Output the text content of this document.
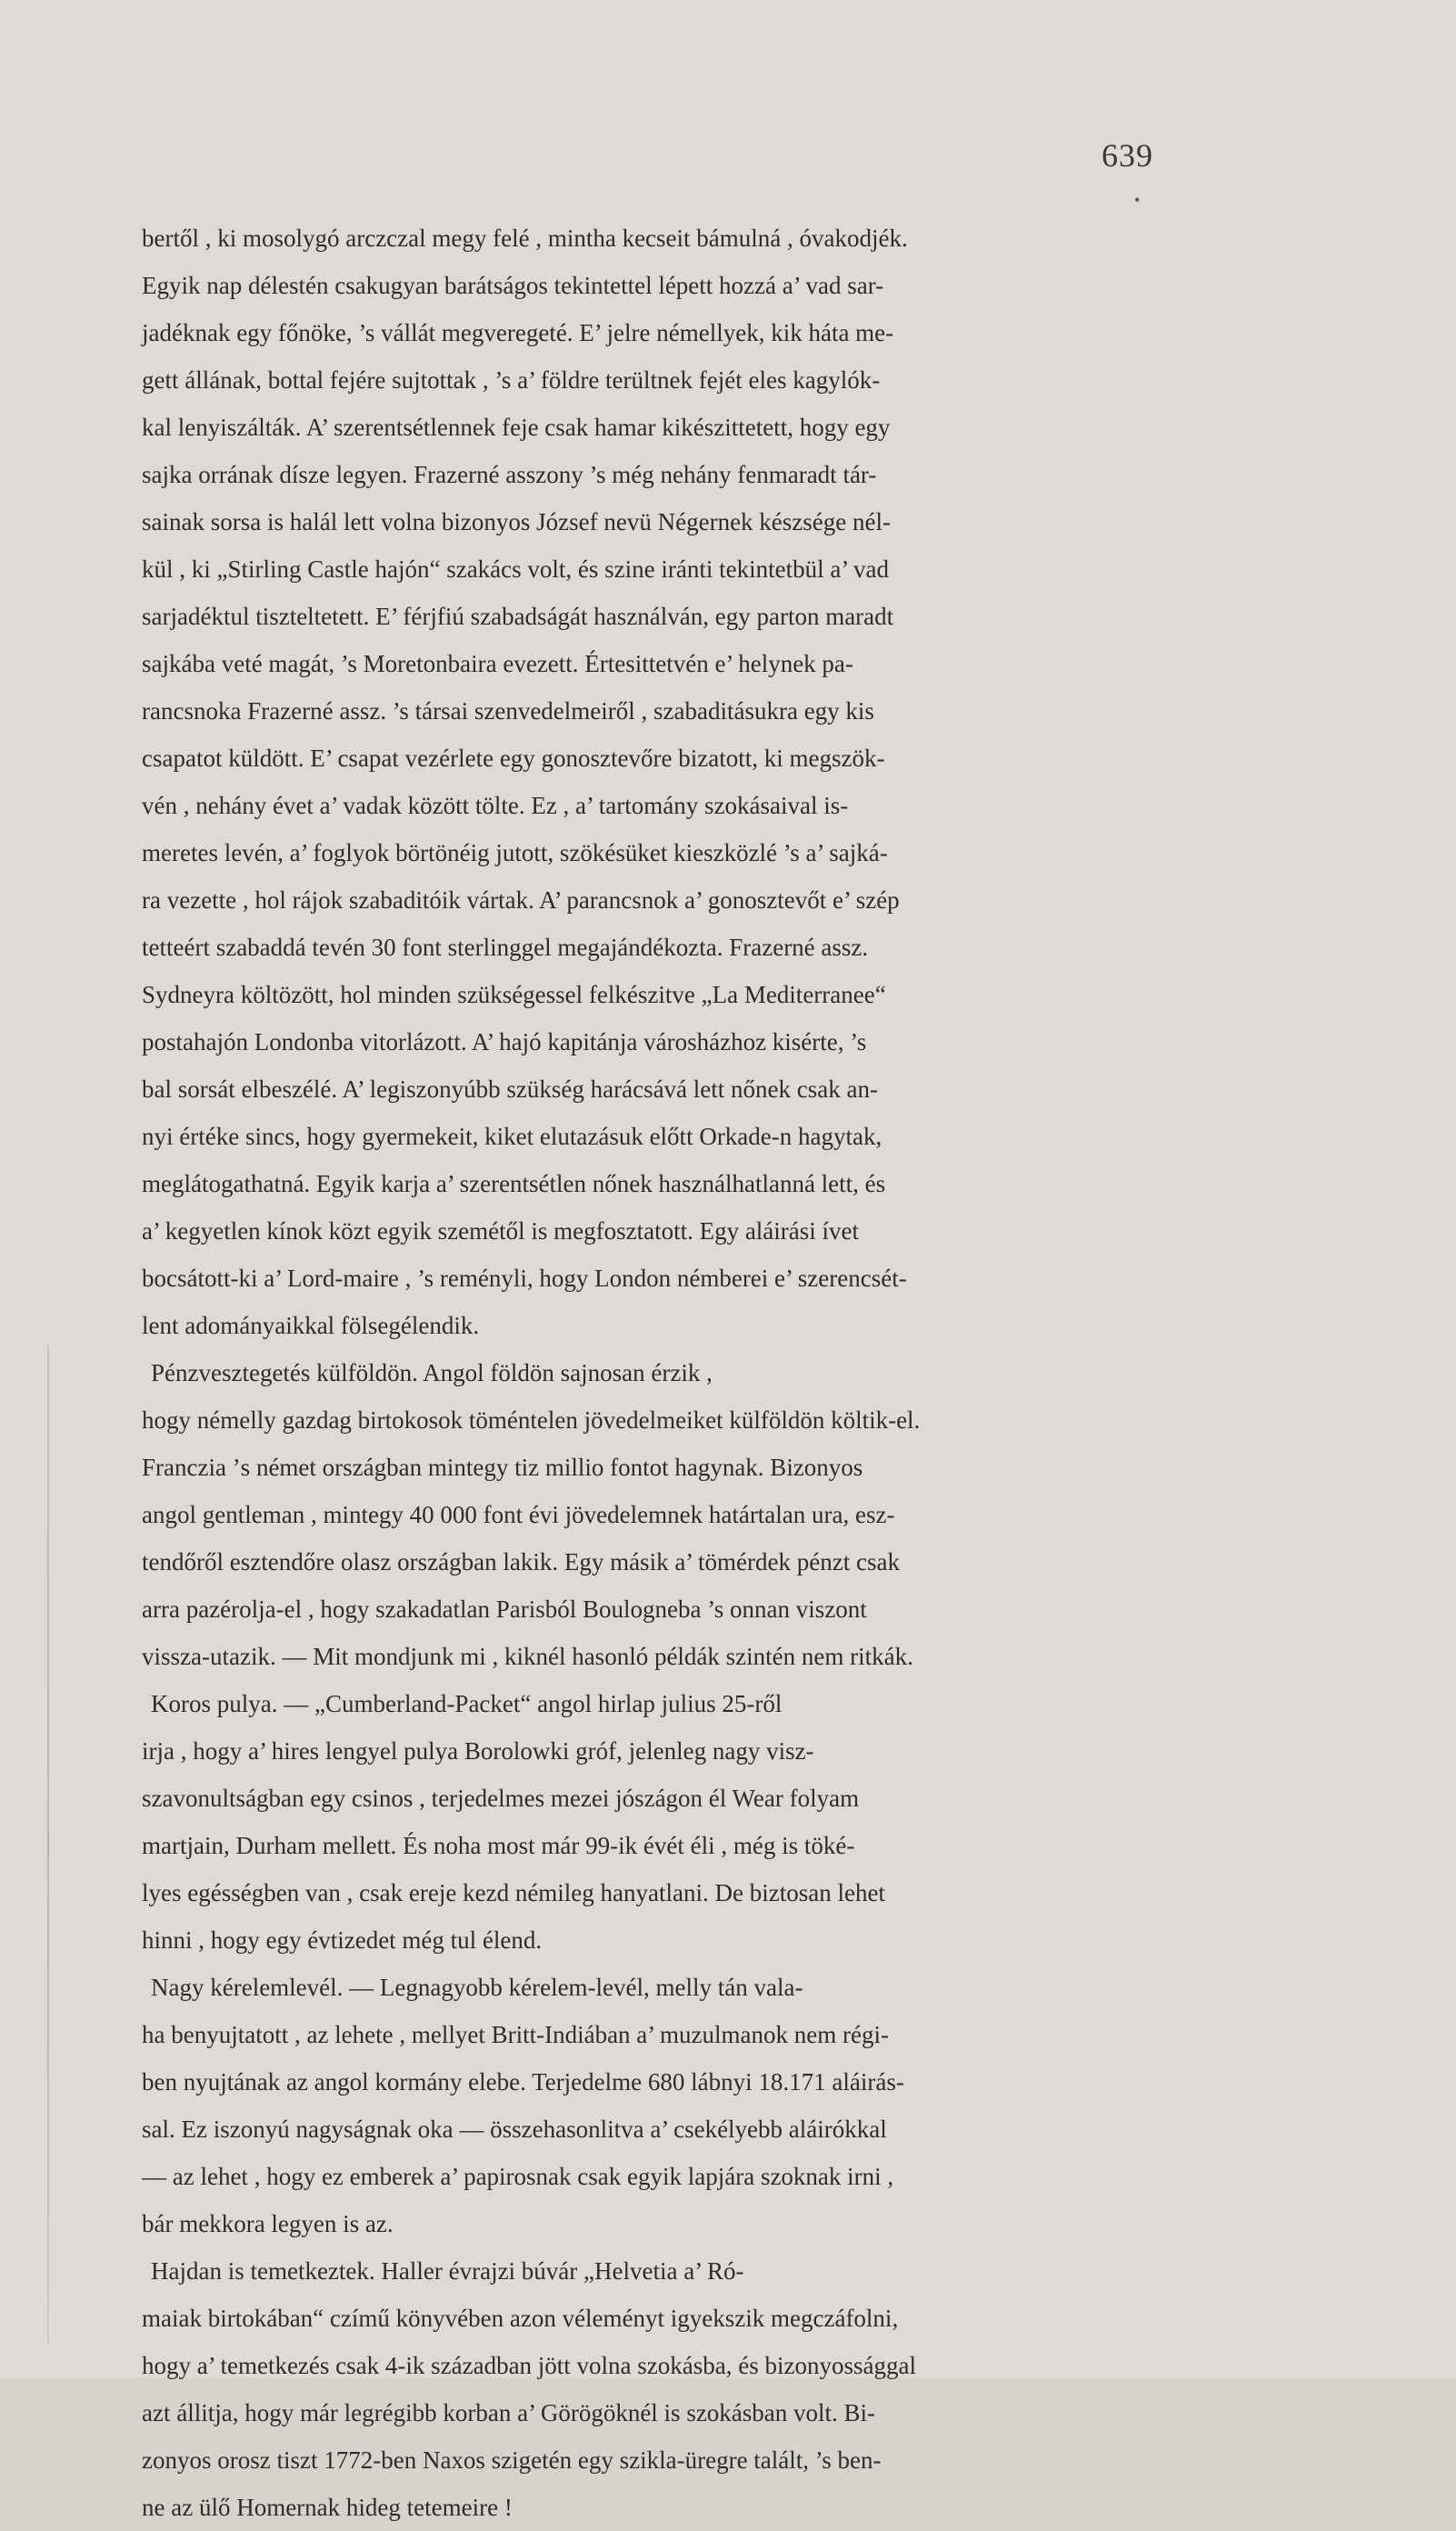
639
•
bertől , ki mosolygó arczczal megy felé , mintha kecseit bámulná , óvakodjék.
Egyik nap délestén csakugyan barátságos tekintettel lépett hozzá a’ vad sar-
jadéknak egy főnöke, ’s vállát megveregeté. E’ jelre némellyek, kik háta me-
gett állának, bottal fejére sujtottak , ’s a’ földre terültnek fejét eles kagylók-
kal lenyiszálták. A’ szerentsétlennek feje csak hamar kikészittetett, hogy egy
sajka orrának dísze legyen. Frazerné asszony ’s még nehány fenmaradt tár-
sainak sorsa is halál lett volna bizonyos József nevü Négernek készsége nél-
kül , ki „Stirling Castle hajón“ szakács volt, és szine iránti tekintetbül a’ vad
sarjadéktul tiszteltetett. E’ férjfiú szabadságát használván, egy parton maradt
sajkába veté magát, ’s Moretonbaira evezett. Értesittetvén e’ helynek pa-
rancsnoka Frazerné assz. ’s társai szenvedelmeiről , szabaditásukra egy kis
csapatot küldött. E’ csapat vezérlete egy gonosztevőre bizatott, ki megszök-
vén , nehány évet a’ vadak között tölte. Ez , a’ tartomány szokásaival is-
meretes levén, a’ foglyok börtönéig jutott, szökésüket kieszközlé ’s a’ sajká-
ra vezette , hol rájok szabaditóik vártak. A’ parancsnok a’ gonosztevőt e’ szép
tetteért szabaddá tevén 30 font sterlinggel megajándékozta. Frazerné assz.
Sydneyra költözött, hol minden szükségessel felkészitve „La Mediterranee“
postahajón Londonba vitorlázott. A’ hajó kapitánja városházhoz kisérte, ’s
bal sorsát elbeszélé. A’ legiszonyúbb szükség harácsává lett nőnek csak an-
nyi értéke sincs, hogy gyermekeit, kiket elutazásuk előtt Orkade-n hagytak,
meglátogathatná. Egyik karja a’ szerentsétlen nőnek használhatlanná lett, és
a’ kegyetlen kínok közt egyik szemétől is megfosztatott. Egy aláirási ívet
bocsátott-ki a’ Lord-maire , ’s reményli, hogy London némberei e’ szerencsét-
lent adományaikkal fölsegélendik.
Pénzvesztegetés külföldön. Angol földön sajnosan érzik ,
hogy némelly gazdag birtokosok töméntelen jövedelmeiket külföldön költik-el.
Francziа ’s német országban mintegy tiz millio fontot hagynak. Bizonyos
angol gentleman , mintegy 40 000 font évi jövedelemnek határtalan ura, esz-
tendőről esztendőre olasz országban lakik. Egy másik a’ tömérdek pénzt csak
arra pazérolja-el , hogy szakadatlan Parisból Boulogneba ’s onnan viszont
vissza-utazik. — Mit mondjunk mi , kiknél hasonló példák szintén nem ritkák.
Koros pulya. — „Cumberland-Packet“ angol hirlap julius 25-ről
irja , hogy a’ hires lengyel pulya Borolowki gróf, jelenleg nagy visz-
szavonultságban egy csinos , terjedelmes mezei jószágon él Wear folyam
martjain, Durham mellett. És noha most már 99-ik évét éli , még is töké-
lyes egésségben van , csak ereje kezd némileg hanyatlani. De biztosan lehet
hinni , hogy egy évtizedet még tul élend.
Nagy kérelemlevél. — Legnagyobb kérelem-levél, melly tán vala-
ha benyujtatott , az lehete , mellyet Britt-Indiában a’ muzulmanok nem régi-
ben nyujtának az angol kormány elebe. Terjedelme 680 lábnyi 18.171 aláirás-
sal. Ez iszonyú nagyságnak oka — összehasonlitva a’ csekélyebb aláirókkal
— az lehet , hogy ez emberek a’ papirosnak csak egyik lapjára szoknak irni ,
bár mekkora legyen is az.
Hajdan is temetkeztek. Haller évrajzi búvár „Helvetia a’ Ró-
maiak birtokában“ czímű könyvében azon véleményt igyekszik megczáfolni,
hogy a’ temetkezés csak 4-ik században jött volna szokásba, és bizonyossággal
azt állitja, hogy már legrégibb korban a’ Görögöknél is szokásban volt. Bi-
zonyos orosz tiszt 1772-ben Naxos szigetén egy szikla-üregre talált, ’s ben-
ne az ülő Homernak hideg tetemeire !
